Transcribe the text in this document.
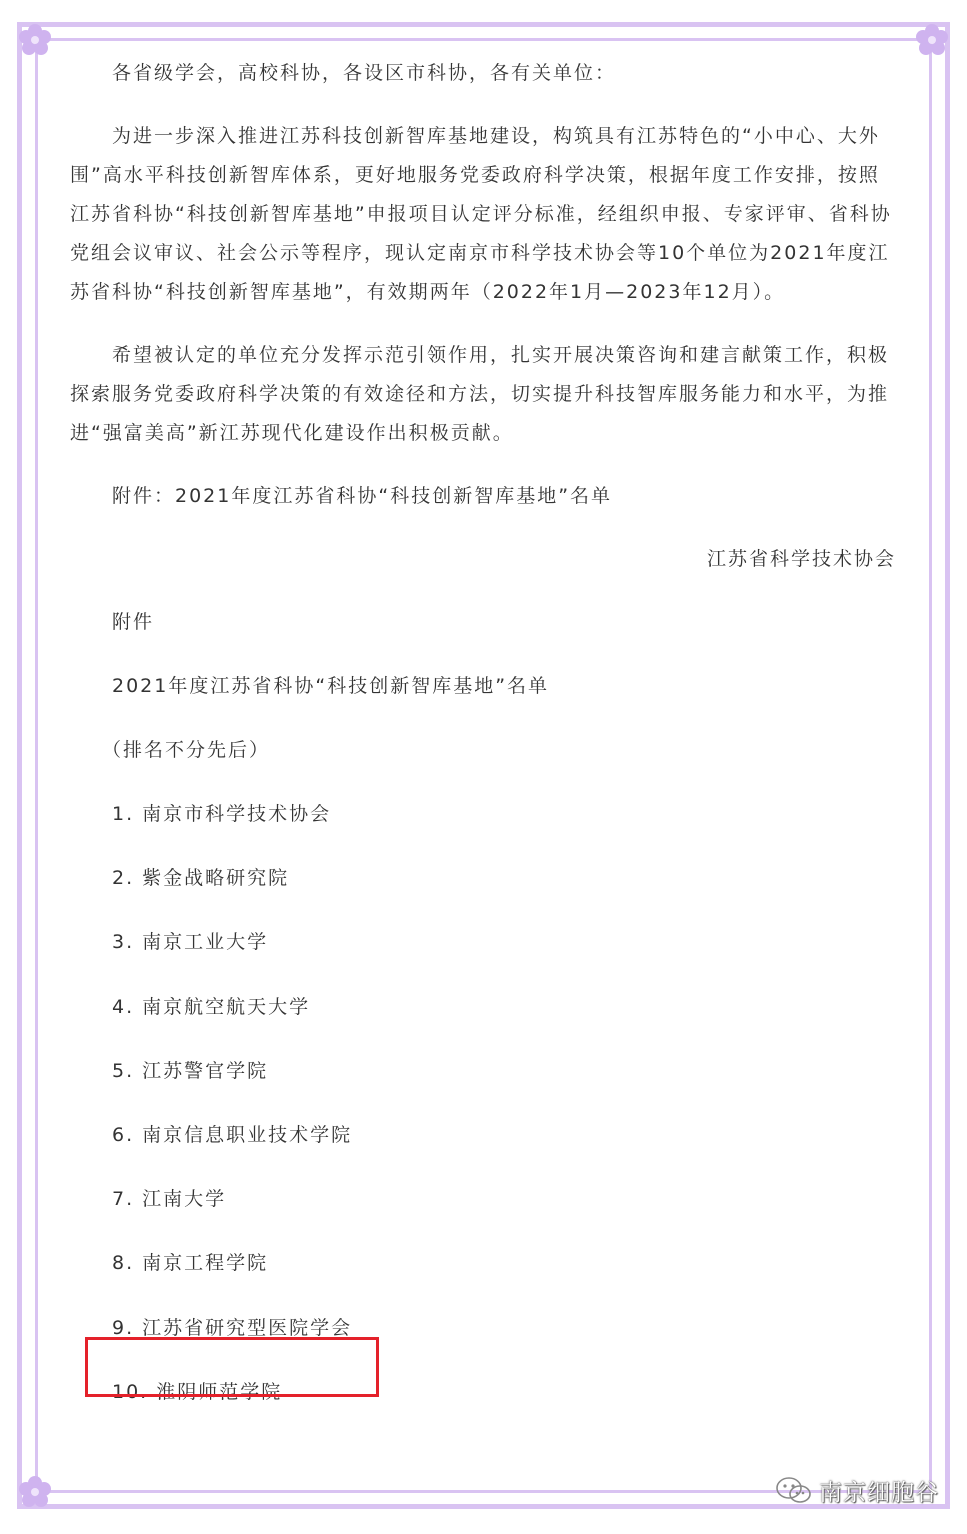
各省级学会，高校科协，各设区市科协，各有关单位：

为进一步深入推进江苏科技创新智库基地建设，构筑具有江苏特色的“小中心、大外围”高水平科技创新智库体系，更好地服务党委政府科学决策，根据年度工作安排，按照江苏省科协“科技创新智库基地”申报项目认定评分标准，经组织申报、专家评审、省科协党组会议审议、社会公示等程序，现认定南京市科学技术协会等10个单位为2021年度江苏省科协“科技创新智库基地”，有效期两年（2022年1月—2023年12月）。

希望被认定的单位充分发挥示范引领作用，扎实开展决策咨询和建言献策工作，积极探索服务党委政府科学决策的有效途径和方法，切实提升科技智库服务能力和水平，为推进“强富美高”新江苏现代化建设作出积极贡献。

附件：2021年度江苏省科协“科技创新智库基地”名单

江苏省科学技术协会

附件

2021年度江苏省科协“科技创新智库基地”名单

（排名不分先后）

1. 南京市科学技术协会
2. 紫金战略研究院
3. 南京工业大学
4. 南京航空航天大学
5. 江苏警官学院
6. 南京信息职业技术学院
7. 江南大学
8. 南京工程学院
9. 江苏省研究型医院学会
10. 淮阴师范学院
南京细胞谷
